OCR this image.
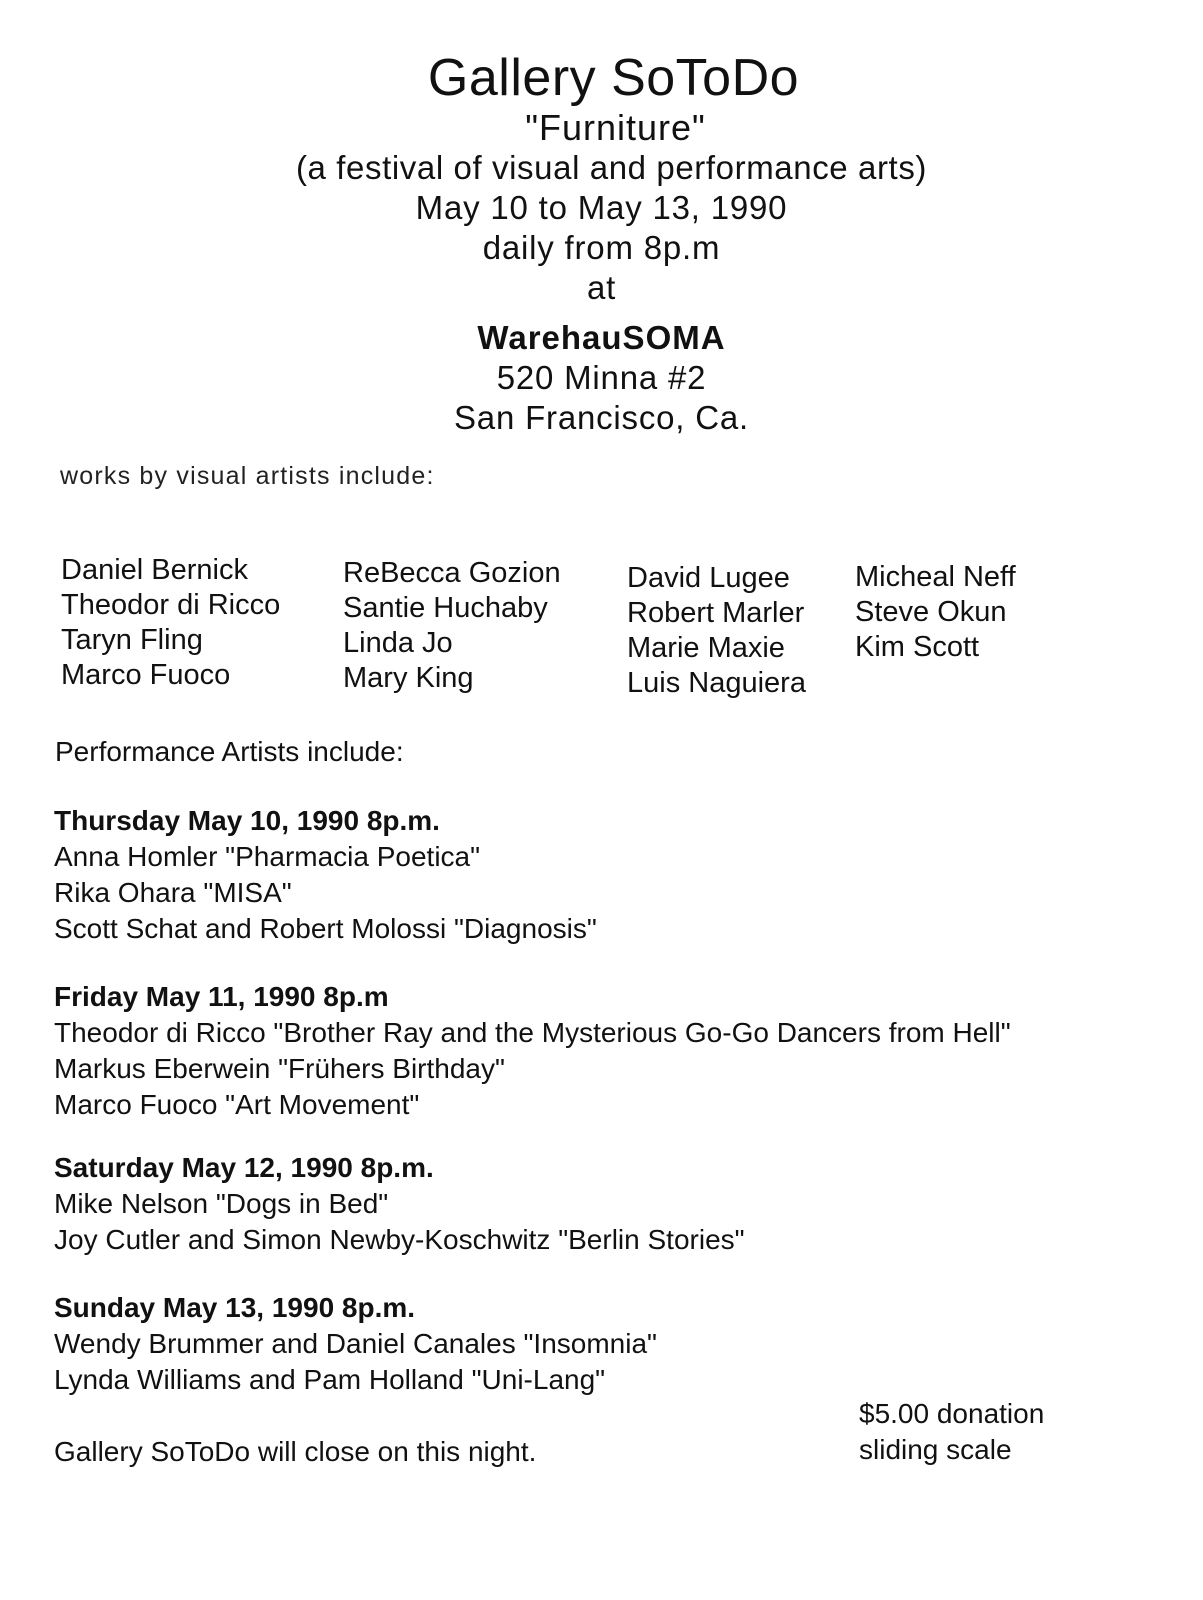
Gallery SoToDo
"Furniture"
(a festival of visual and performance arts)
May 10 to May 13, 1990
daily from 8p.m
at
WarehauSOMA
520 Minna #2
San Francisco, Ca.
works by visual artists include:
Daniel Bernick
Theodor di Ricco
Taryn Fling
Marco Fuoco
ReBecca Gozion
Santie Huchaby
Linda Jo
Mary King
David Lugee
Robert Marler
Marie Maxie
Luis Naguiera
Micheal Neff
Steve Okun
Kim Scott
Performance Artists include:
Thursday May 10, 1990 8p.m.
Anna Homler "Pharmacia Poetica"
Rika Ohara "MISA"
Scott Schat and Robert Molossi "Diagnosis"
Friday May 11, 1990 8p.m
Theodor di Ricco "Brother Ray and the Mysterious Go-Go Dancers from Hell"
Markus Eberwein "Frühers Birthday"
Marco Fuoco "Art Movement"
Saturday May 12, 1990 8p.m.
Mike Nelson "Dogs in Bed"
Joy Cutler and Simon Newby-Koschwitz "Berlin Stories"
Sunday May 13, 1990 8p.m.
Wendy Brummer and Daniel Canales "Insomnia"
Lynda Williams and Pam Holland "Uni-Lang"
Gallery SoToDo will close on this night.
$5.00 donation
sliding scale
